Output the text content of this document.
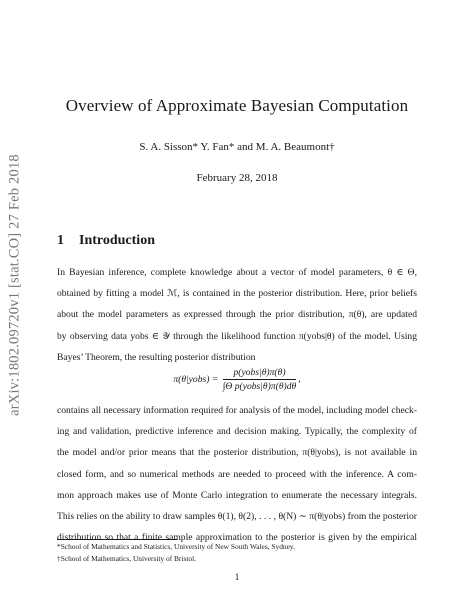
arXiv:1802.09720v1 [stat.CO] 27 Feb 2018
Overview of Approximate Bayesian Computation
S. A. Sisson* Y. Fan* and M. A. Beaumont†
February 28, 2018
1 Introduction
In Bayesian inference, complete knowledge about a vector of model parameters, θ ∈ Θ,
obtained by fitting a model ℳ, is contained in the posterior distribution. Here, prior beliefs
about the model parameters as expressed through the prior distribution, π(θ), are updated
by observing data yobs ∈ 𝒴 through the likelihood function π(yobs|θ) of the model. Using
Bayes’ Theorem, the resulting posterior distribution
π(θ|yobs) = $\frac{\text{p(yobs|θ)π(θ)}}{\text{∫Θ p(yobs|θ)π(θ)dθ}}$ ,
contains all necessary information required for analysis of the model, including model check-
ing and validation, predictive inference and decision making. Typically, the complexity of
the model and/or prior means that the posterior distribution, π(θ|yobs), is not available in
closed form, and so numerical methods are needed to proceed with the inference. A com-
mon approach makes use of Monte Carlo integration to enumerate the necessary integrals.
This relies on the ability to draw samples θ(1), θ(2), . . . , θ(N) ∼ π(θ|yobs) from the posterior
distribution so that a finite sample approximation to the posterior is given by the empirical
*School of Mathematics and Statistics, University of New South Wales, Sydney.
†School of Mathematics, University of Bristol.
1
